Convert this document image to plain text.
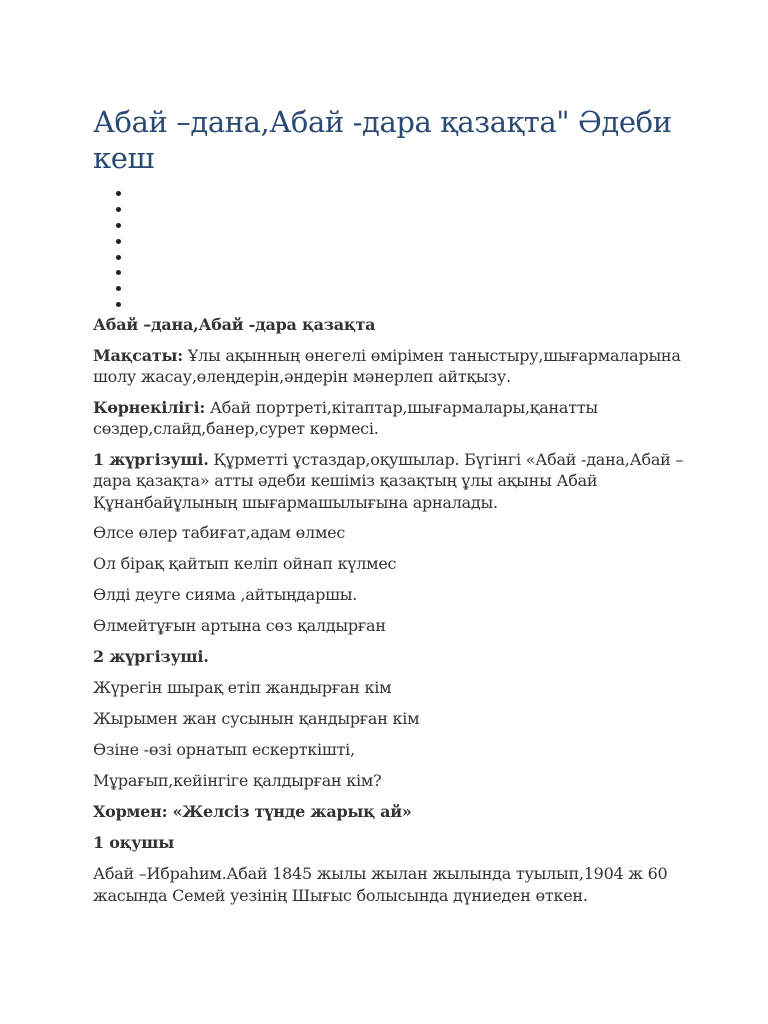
Абай –дана,Абай -дара қазақта" Әдеби кеш

Абай –дана,Абай -дара қазақта

Мақсаты: Ұлы ақынның өнегелі өмірімен таныстыру,шығармаларына шолу жасау,өлеңдерін,әндерін мәнерлеп айтқызу.

Көрнекілігі: Абай портреті,кітаптар,шығармалары,қанатты сөздер,слайд,банер,сурет көрмесі.

1 жүргізуші. Құрметті ұстаздар,оқушылар. Бүгінгі «Абай -дана,Абай –дара қазақта» атты әдеби кешіміз қазақтың ұлы ақыны Абай Құнанбайұлының шығармашылығына арналады.

Өлсе өлер табиғат,адам өлмес

Ол бірақ қайтып келіп ойнап күлмес

Өлді деуге сияма ,айтыңдаршы.

Өлмейтұғын артына сөз қалдырған

2 жүргізуші.

Жүрегін шырақ етіп жандырған кім

Жырымен жан сусынын қандырған кім

Өзіне -өзі орнатып ескерткішті,

Мұрағып,кейінгіге қалдырған кім?

Хормен: «Желсіз түнде жарық ай»

1 оқушы

Абай –Ибраһим.Абай 1845 жылы жылан жылында туылып,1904 ж 60 жасында Семей уезінің Шығыс болысында дүниеден өткен.
